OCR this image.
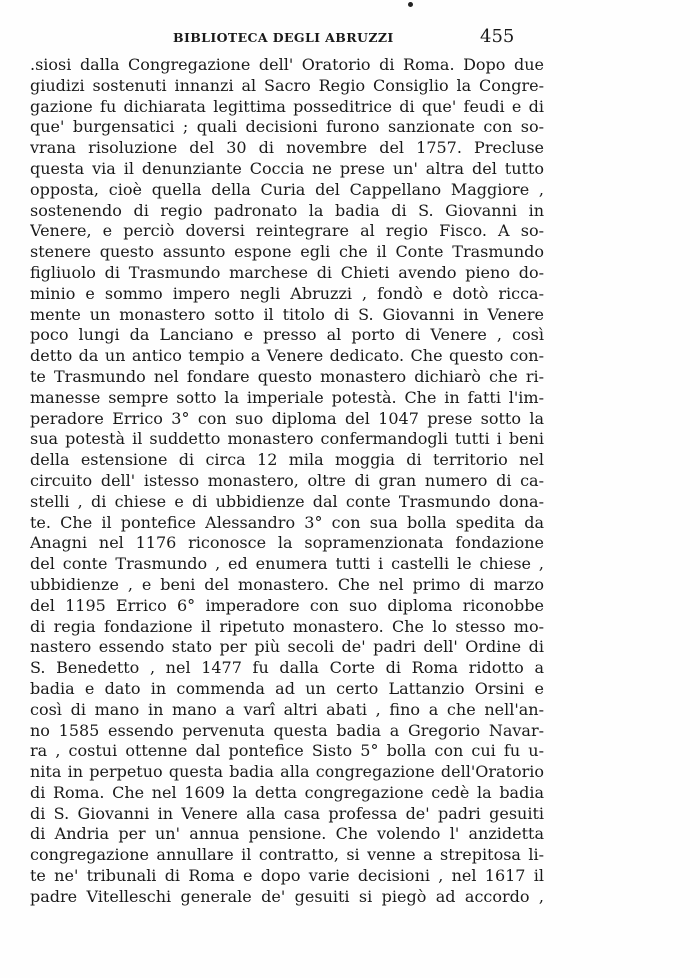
BIBLIOTECA DEGLI ABRUZZI	455
.siosi dalla Congregazione dell' Oratorio di Roma. Dopo due
giudizi sostenuti innanzi al Sacro Regio Consiglio la Congre-
gazione fu dichiarata legittima posseditrice di que' feudi e di
que' burgensatici ; quali decisioni furono sanzionate con so-
vrana risoluzione del 30 di novembre del 1757. Precluse
questa via il denunziante Coccia ne prese un' altra del tutto
opposta, cioè quella della Curia del Cappellano Maggiore ,
sostenendo di regio padronato la badia di S. Giovanni in
Venere, e perciò doversi reintegrare al regio Fisco. A so-
stenere questo assunto espone egli che il Conte Trasmundo
figliuolo di Trasmundo marchese di Chieti avendo pieno do-
minio e sommo impero negli Abruzzi , fondò e dotò ricca-
mente un monastero sotto il titolo di S. Giovanni in Venere
poco lungi da Lanciano e presso al porto di Venere , così
detto da un antico tempio a Venere dedicato. Che questo con-
te Trasmundo nel fondare questo monastero dichiarò che ri-
manesse sempre sotto la imperiale potestà. Che in fatti l'im-
peradore Errico 3° con suo diploma del 1047 prese sotto la
sua potestà il suddetto monastero confermandogli tutti i beni
della estensione di circa 12 mila moggia di territorio nel
circuito dell' istesso monastero, oltre di gran numero di ca-
stelli , di chiese e di ubbidienze dal conte Trasmundo dona-
te. Che il pontefice Alessandro 3° con sua bolla spedita da
Anagni nel 1176 riconosce la sopramenzionata fondazione
del conte Trasmundo , ed enumera tutti i castelli le chiese ,
ubbidienze , e beni del monastero. Che nel primo di marzo
del 1195 Errico 6° imperadore con suo diploma riconobbe
di regia fondazione il ripetuto monastero. Che lo stesso mo-
nastero essendo stato per più secoli de' padri dell' Ordine di
S. Benedetto , nel 1477 fu dalla Corte di Roma ridotto a
badia e dato in commenda ad un certo Lattanzio Orsini e
così di mano in mano a varî altri abati , fino a che nell'an-
no 1585 essendo pervenuta questa badia a Gregorio Navar-
ra , costui ottenne dal pontefice Sisto 5° bolla con cui fu u-
nita in perpetuo questa badia alla congregazione dell'Oratorio
di Roma. Che nel 1609 la detta congregazione cedè la badia
di S. Giovanni in Venere alla casa professa de' padri gesuiti
di Andria per un' annua pensione. Che volendo l' anzidetta
congregazione annullare il contratto, si venne a strepitosa li-
te ne' tribunali di Roma e dopo varie decisioni , nel 1617 il
padre Vitelleschi generale de' gesuiti si piegò ad accordo ,
